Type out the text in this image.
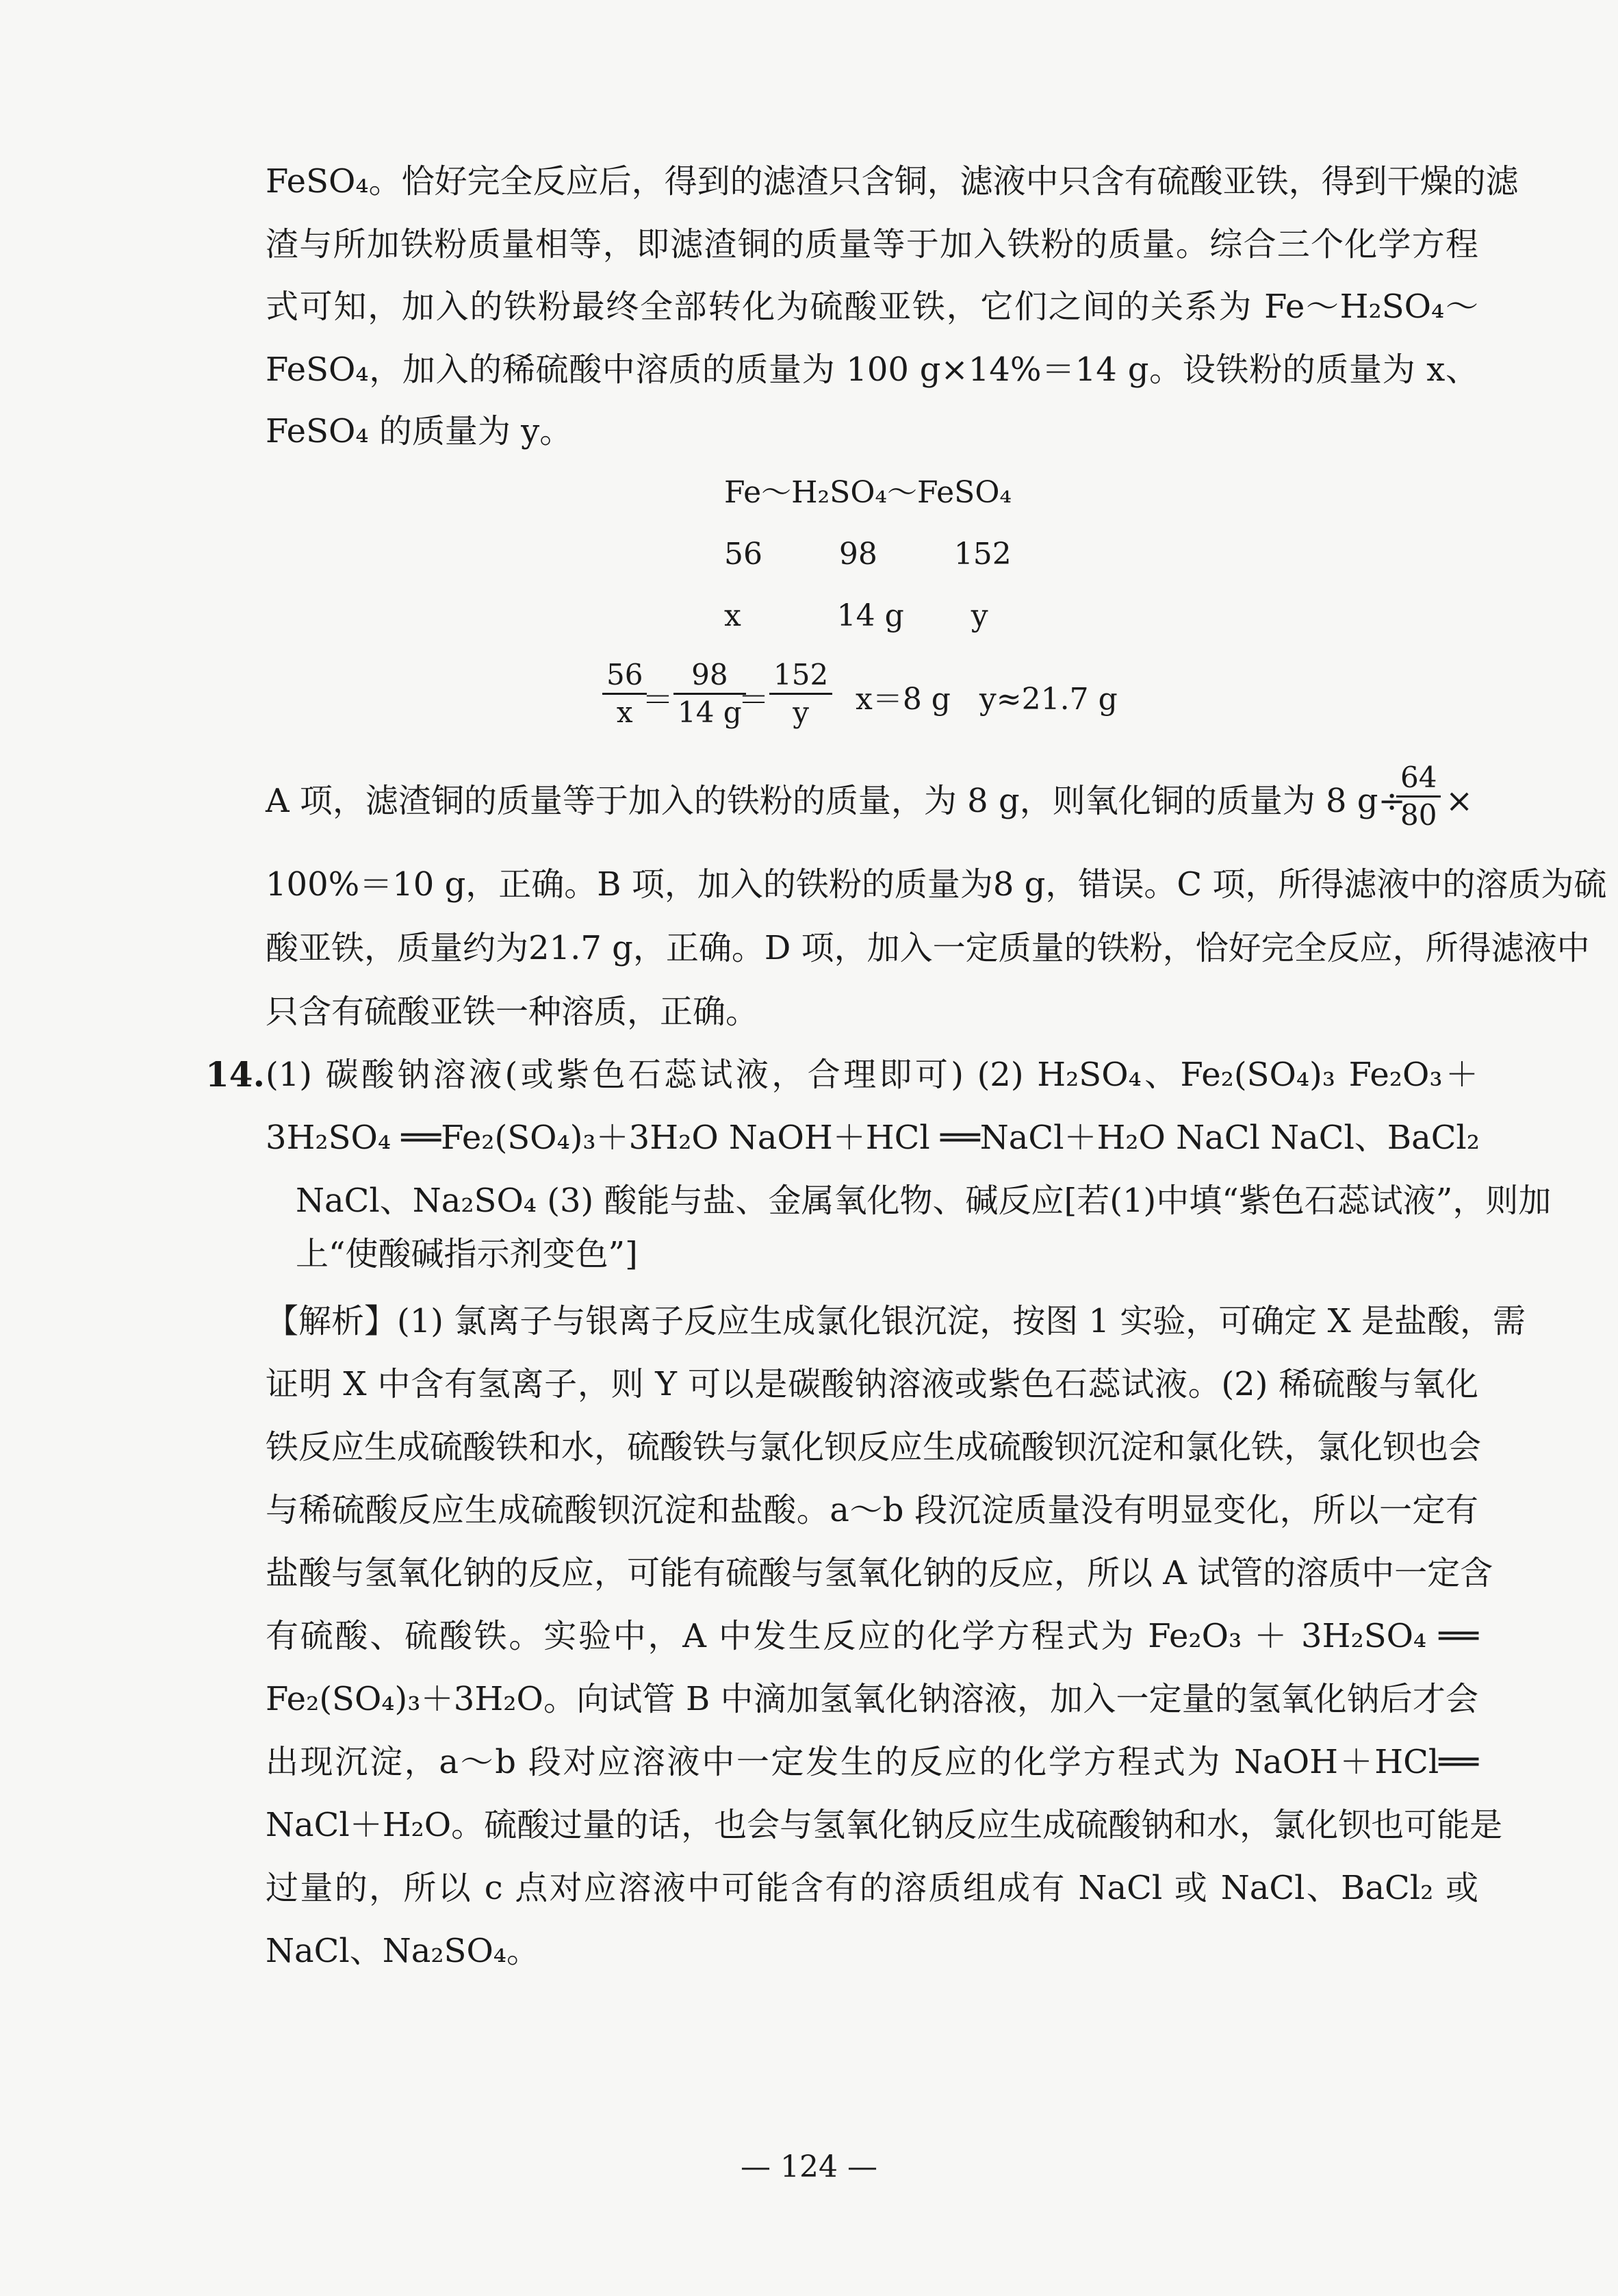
FeSO₄。恰好完全反应后，得到的滤渣只含铜，滤液中只含有硫酸亚铁，得到干燥的滤
渣与所加铁粉质量相等，即滤渣铜的质量等于加入铁粉的质量。综合三个化学方程
式可知，加入的铁粉最终全部转化为硫酸亚铁，它们之间的关系为 Fe～H₂SO₄～
FeSO₄，加入的稀硫酸中溶质的质量为 100 g×14%＝14 g。设铁粉的质量为 x、
FeSO₄ 的质量为 y。
Fe～H₂SO₄～FeSO₄
56        98        152
x          14 g       y
56
x ＝
98
14 g
＝
152
y x＝8 g   y≈21.7 g
A 项，滤渣铜的质量等于加入的铁粉的质量，为 8 g，则氧化铜的质量为 8 g÷
64
80 ×
100%＝10 g，正确。B 项，加入的铁粉的质量为8 g，错误。C 项，所得滤液中的溶质为硫
酸亚铁，质量约为21.7 g，正确。D 项，加入一定质量的铁粉，恰好完全反应，所得滤液中
只含有硫酸亚铁一种溶质，正确。
14. (1) 碳酸钠溶液(或紫色石蕊试液，合理即可) (2) H₂SO₄、Fe₂(SO₄)₃ Fe₂O₃＋
3H₂SO₄ ══Fe₂(SO₄)₃＋3H₂O NaOH＋HCl ══NaCl＋H₂O NaCl NaCl、BaCl₂
NaCl、Na₂SO₄ (3) 酸能与盐、金属氧化物、碱反应[若(1)中填“紫色石蕊试液”，则加
上“使酸碱指示剂变色”]
【解析】(1) 氯离子与银离子反应生成氯化银沉淀，按图 1 实验，可确定 X 是盐酸，需
证明 X 中含有氢离子，则 Y 可以是碳酸钠溶液或紫色石蕊试液。(2) 稀硫酸与氧化
铁反应生成硫酸铁和水，硫酸铁与氯化钡反应生成硫酸钡沉淀和氯化铁，氯化钡也会
与稀硫酸反应生成硫酸钡沉淀和盐酸。a～b 段沉淀质量没有明显变化，所以一定有
盐酸与氢氧化钠的反应，可能有硫酸与氢氧化钠的反应，所以 A 试管的溶质中一定含
有硫酸、硫酸铁。实验中，A 中发生反应的化学方程式为 Fe₂O₃ ＋ 3H₂SO₄ ══
Fe₂(SO₄)₃＋3H₂O。向试管 B 中滴加氢氧化钠溶液，加入一定量的氢氧化钠后才会
出现沉淀，a～b 段对应溶液中一定发生的反应的化学方程式为 NaOH＋HCl══
NaCl＋H₂O。硫酸过量的话，也会与氢氧化钠反应生成硫酸钠和水，氯化钡也可能是
过量的，所以 c 点对应溶液中可能含有的溶质组成有 NaCl 或 NaCl、BaCl₂ 或
NaCl、Na₂SO₄。
— 124 —
